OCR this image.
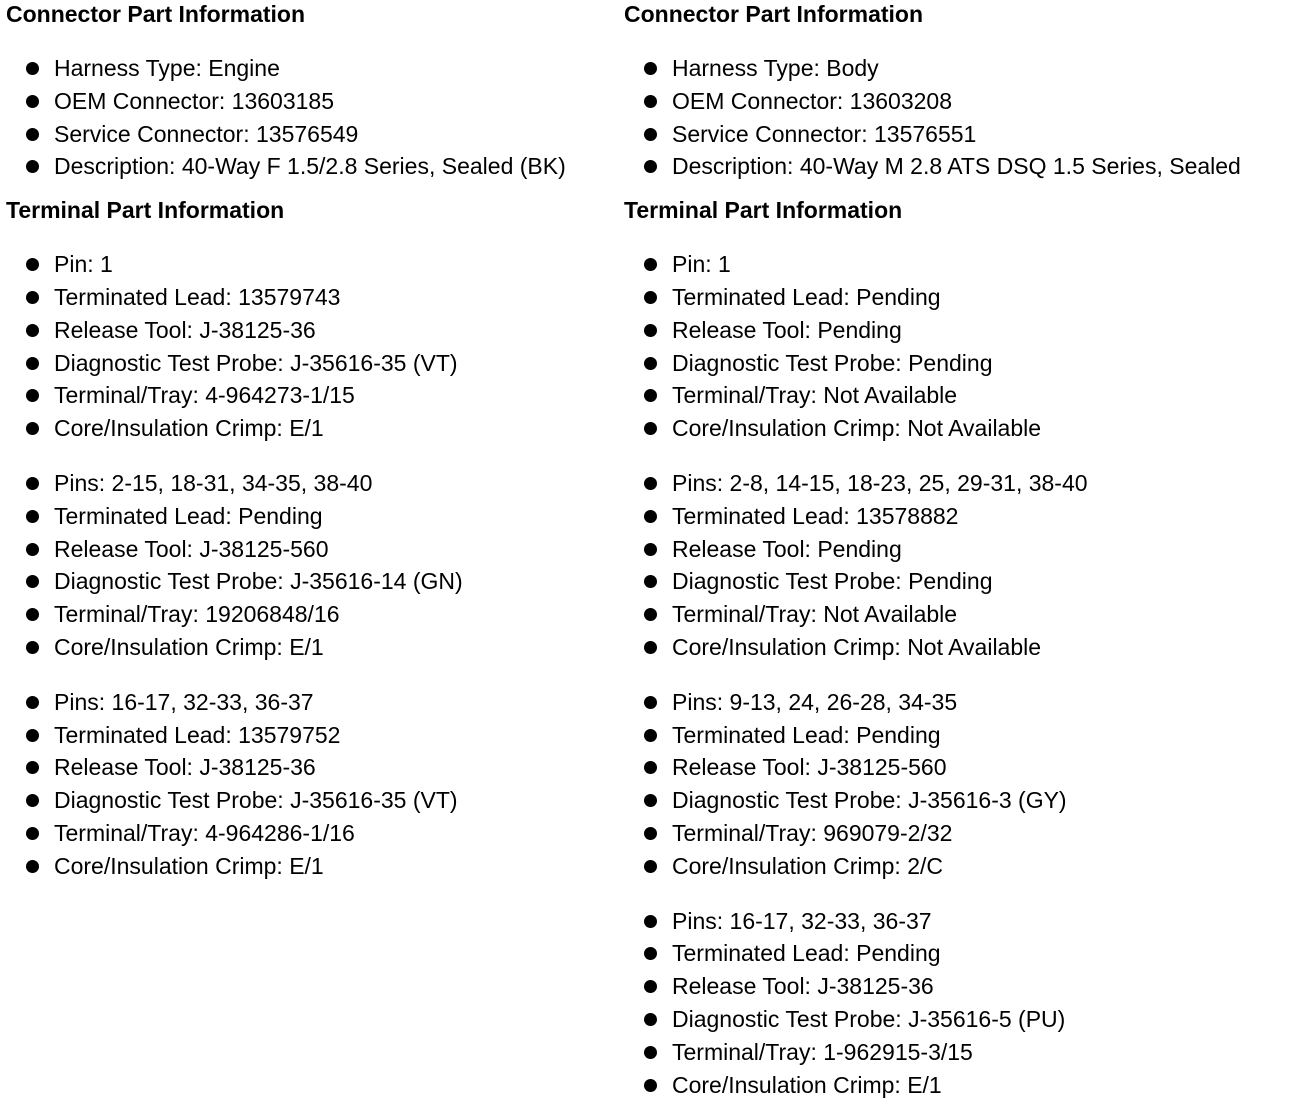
Connector Part Information
Harness Type: Engine
OEM Connector: 13603185
Service Connector: 13576549
Description: 40-Way F 1.5/2.8 Series, Sealed (BK)
Terminal Part Information
Pin: 1
Terminated Lead: 13579743
Release Tool: J-38125-36
Diagnostic Test Probe: J-35616-35 (VT)
Terminal/Tray: 4-964273-1/15
Core/Insulation Crimp: E/1
Pins: 2-15, 18-31, 34-35, 38-40
Terminated Lead: Pending
Release Tool: J-38125-560
Diagnostic Test Probe: J-35616-14 (GN)
Terminal/Tray: 19206848/16
Core/Insulation Crimp: E/1
Pins: 16-17, 32-33, 36-37
Terminated Lead: 13579752
Release Tool: J-38125-36
Diagnostic Test Probe: J-35616-35 (VT)
Terminal/Tray: 4-964286-1/16
Core/Insulation Crimp: E/1
Connector Part Information
Harness Type: Body
OEM Connector: 13603208
Service Connector: 13576551
Description: 40-Way M 2.8 ATS DSQ 1.5 Series, Sealed
Terminal Part Information
Pin: 1
Terminated Lead: Pending
Release Tool: Pending
Diagnostic Test Probe: Pending
Terminal/Tray: Not Available
Core/Insulation Crimp: Not Available
Pins: 2-8, 14-15, 18-23, 25, 29-31, 38-40
Terminated Lead: 13578882
Release Tool: Pending
Diagnostic Test Probe: Pending
Terminal/Tray: Not Available
Core/Insulation Crimp: Not Available
Pins: 9-13, 24, 26-28, 34-35
Terminated Lead: Pending
Release Tool: J-38125-560
Diagnostic Test Probe: J-35616-3 (GY)
Terminal/Tray: 969079-2/32
Core/Insulation Crimp: 2/C
Pins: 16-17, 32-33, 36-37
Terminated Lead: Pending
Release Tool: J-38125-36
Diagnostic Test Probe: J-35616-5 (PU)
Terminal/Tray: 1-962915-3/15
Core/Insulation Crimp: E/1
